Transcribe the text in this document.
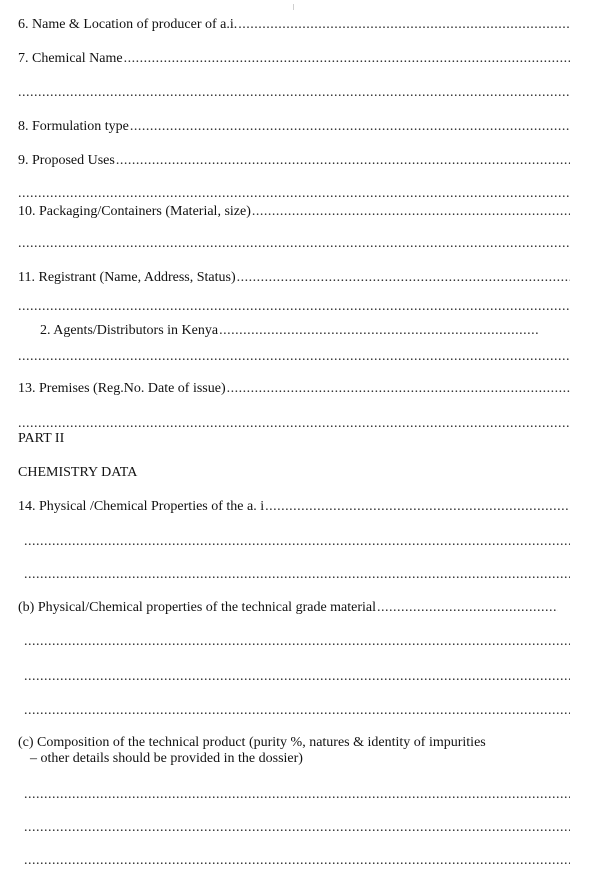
6. Name & Location of producer of a.i.
.....
7. Chemical Name
.....
.....
8. Formulation type
.....
9. Proposed Uses
.....
.....
10. Packaging/Containers (Material, size)
.....
.....
11. Registrant (Name, Address, Status)
.....
.....
2. Agents/Distributors in Kenya
.....
.....
13. Premises (Reg.No. Date of issue)
.....
.....
PART II
CHEMISTRY DATA
14. Physical /Chemical Properties of the a. i
.....
.....
.....
(b) Physical/Chemical properties of the technical grade material
.....
.....
.....
.....
(c) Composition of the technical product (purity %, natures & identity of impurities
– other details should be provided in the dossier)
.....
.....
.....
